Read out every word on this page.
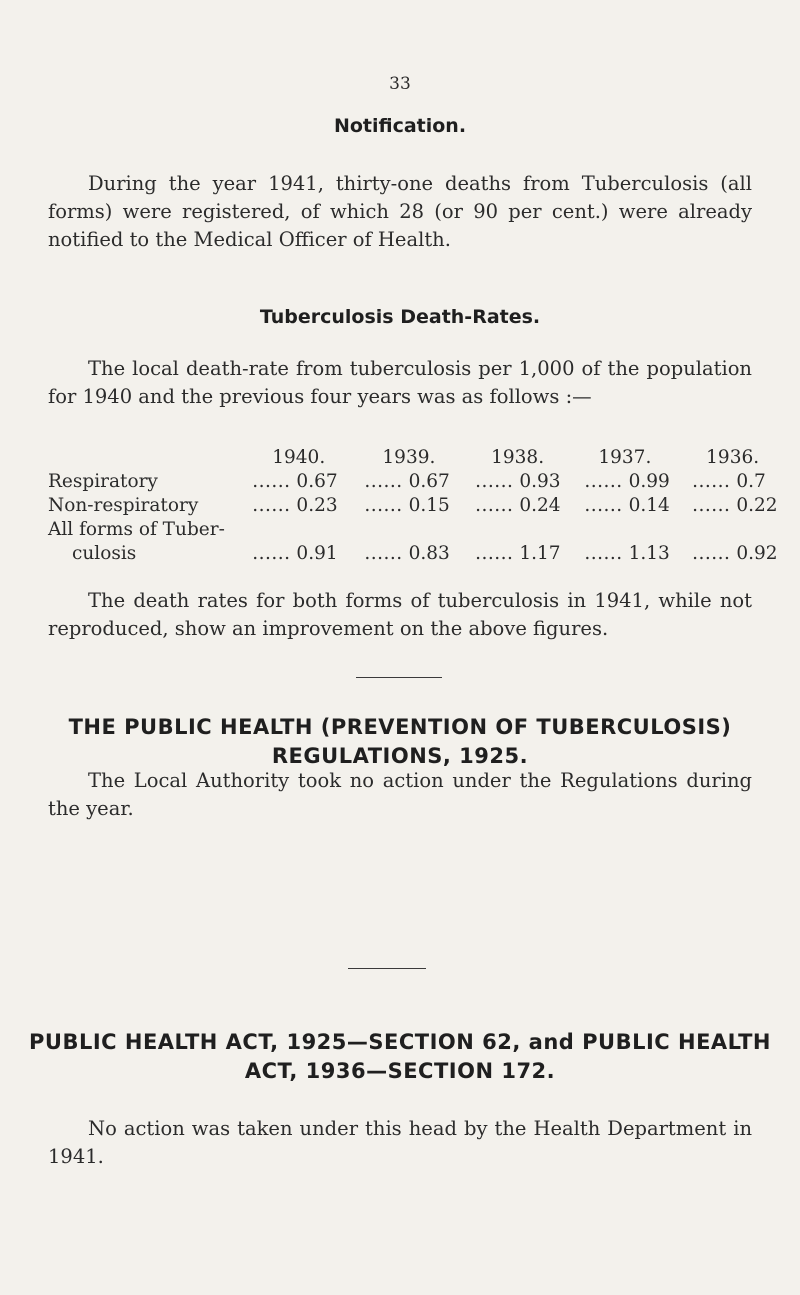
33
Notification.
During the year 1941, thirty-one deaths from Tuberculosis (all forms) were registered, of which 28 (or 90 per cent.) were already notified to the Medical Officer of Health.
Tuberculosis Death-Rates.
The local death-rate from tuberculosis per 1,000 of the population for 1940 and the previous four years was as follows :—
	1940.	1939.	1938.	1937.	1936.
Respiratory	...... 0.67	...... 0.67	...... 0.93	...... 0.99	...... 0.7
Non-respiratory	...... 0.23	...... 0.15	...... 0.24	...... 0.14	...... 0.22
All forms of Tuber-					
culosis	...... 0.91	...... 0.83	...... 1.17	...... 1.13	...... 0.92
The death rates for both forms of tuberculosis in 1941, while not reproduced, show an improvement on the above figures.
THE PUBLIC HEALTH (PREVENTION OF TUBERCULOSIS)
REGULATIONS, 1925.
The Local Authority took no action under the Regulations during the year.
PUBLIC HEALTH ACT, 1925—SECTION 62, and PUBLIC HEALTH
ACT, 1936—SECTION 172.
No action was taken under this head by the Health Department in 1941.
